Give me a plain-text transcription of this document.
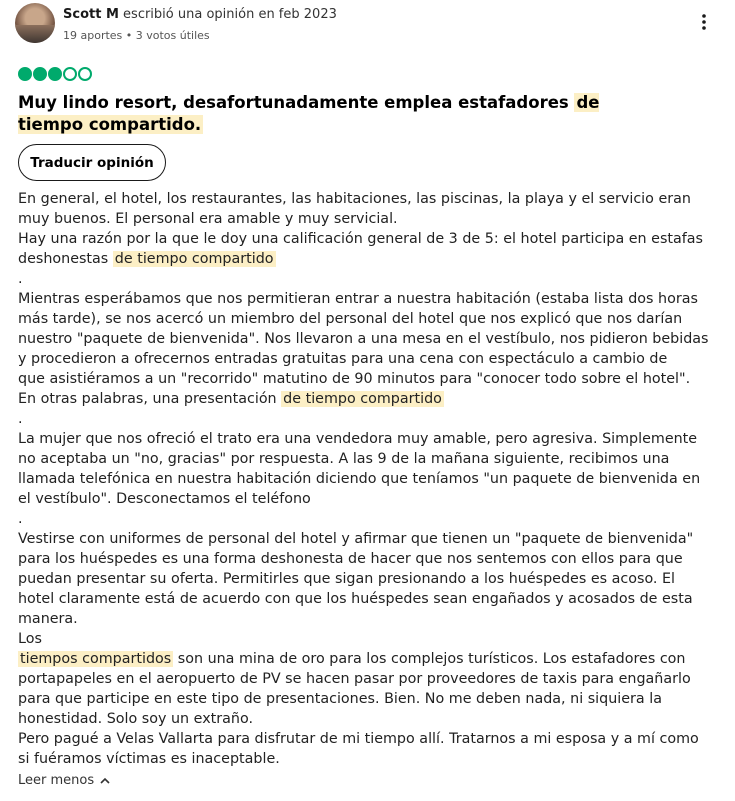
Scott M escribió una opinión en feb 2023
19 aportes • 3 votos útiles
Muy lindo resort, desafortunadamente emplea estafadores de tiempo compartido.
Traducir opinión
En general, el hotel, los restaurantes, las habitaciones, las piscinas, la playa y el servicio eran
muy buenos. El personal era amable y muy servicial.
Hay una razón por la que le doy una calificación general de 3 de 5: el hotel participa en estafas
deshonestas de tiempo compartido
.
Mientras esperábamos que nos permitieran entrar a nuestra habitación (estaba lista dos horas
más tarde), se nos acercó un miembro del personal del hotel que nos explicó que nos darían
nuestro "paquete de bienvenida". Nos llevaron a una mesa en el vestíbulo, nos pidieron bebidas
y procedieron a ofrecernos entradas gratuitas para una cena con espectáculo a cambio de
que asistiéramos a un "recorrido" matutino de 90 minutos para "conocer todo sobre el hotel".
En otras palabras, una presentación de tiempo compartido
.
La mujer que nos ofreció el trato era una vendedora muy amable, pero agresiva. Simplemente
no aceptaba un "no, gracias" por respuesta. A las 9 de la mañana siguiente, recibimos una
llamada telefónica en nuestra habitación diciendo que teníamos "un paquete de bienvenida en
el vestíbulo". Desconectamos el teléfono
.
Vestirse con uniformes de personal del hotel y afirmar que tienen un "paquete de bienvenida"
para los huéspedes es una forma deshonesta de hacer que nos sentemos con ellos para que
puedan presentar su oferta. Permitirles que sigan presionando a los huéspedes es acoso. El
hotel claramente está de acuerdo con que los huéspedes sean engañados y acosados de esta
manera.
Los
tiempos compartidos son una mina de oro para los complejos turísticos. Los estafadores con
portapapeles en el aeropuerto de PV se hacen pasar por proveedores de taxis para engañarlo
para que participe en este tipo de presentaciones. Bien. No me deben nada, ni siquiera la
honestidad. Solo soy un extraño.
Pero pagué a Velas Vallarta para disfrutar de mi tiempo allí. Tratarnos a mi esposa y a mí como
si fuéramos víctimas es inaceptable.
Leer menos
